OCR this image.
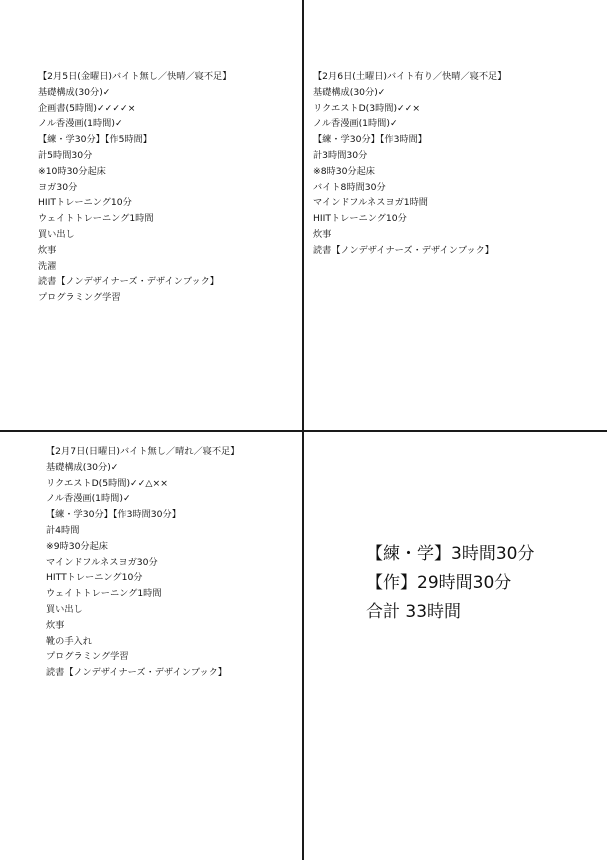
【2月5日(金曜日)バイト無し／快晴／寝不足】
基礎構成(30分)✓
企画書(5時間)✓✓✓✓×
ノル香漫画(1時間)✓
【練・学30分】【作5時間】
計5時間30分
※10時30分起床
ヨガ30分
HIITトレーニング10分
ウェイトトレーニング1時間
買い出し
炊事
洗濯
読書【ノンデザイナーズ・デザインブック】
プログラミング学習
【2月6日(土曜日)バイト有り／快晴／寝不足】
基礎構成(30分)✓
リクエストD(3時間)✓✓×
ノル香漫画(1時間)✓
【練・学30分】【作3時間】
計3時間30分
※8時30分起床
バイト8時間30分
マインドフルネスヨガ1時間
HIITトレーニング10分
炊事
読書【ノンデザイナーズ・デザインブック】
【2月7日(日曜日)バイト無し／晴れ／寝不足】
基礎構成(30分)✓
リクエストD(5時間)✓✓△××
ノル香漫画(1時間)✓
【練・学30分】【作3時間30分】
計4時間
※9時30分起床
マインドフルネスヨガ30分
HITTトレーニング10分
ウェイトトレーニング1時間
買い出し
炊事
靴の手入れ
プログラミング学習
読書【ノンデザイナーズ・デザインブック】
【練・学】3時間30分
【作】29時間30分
合計 33時間
